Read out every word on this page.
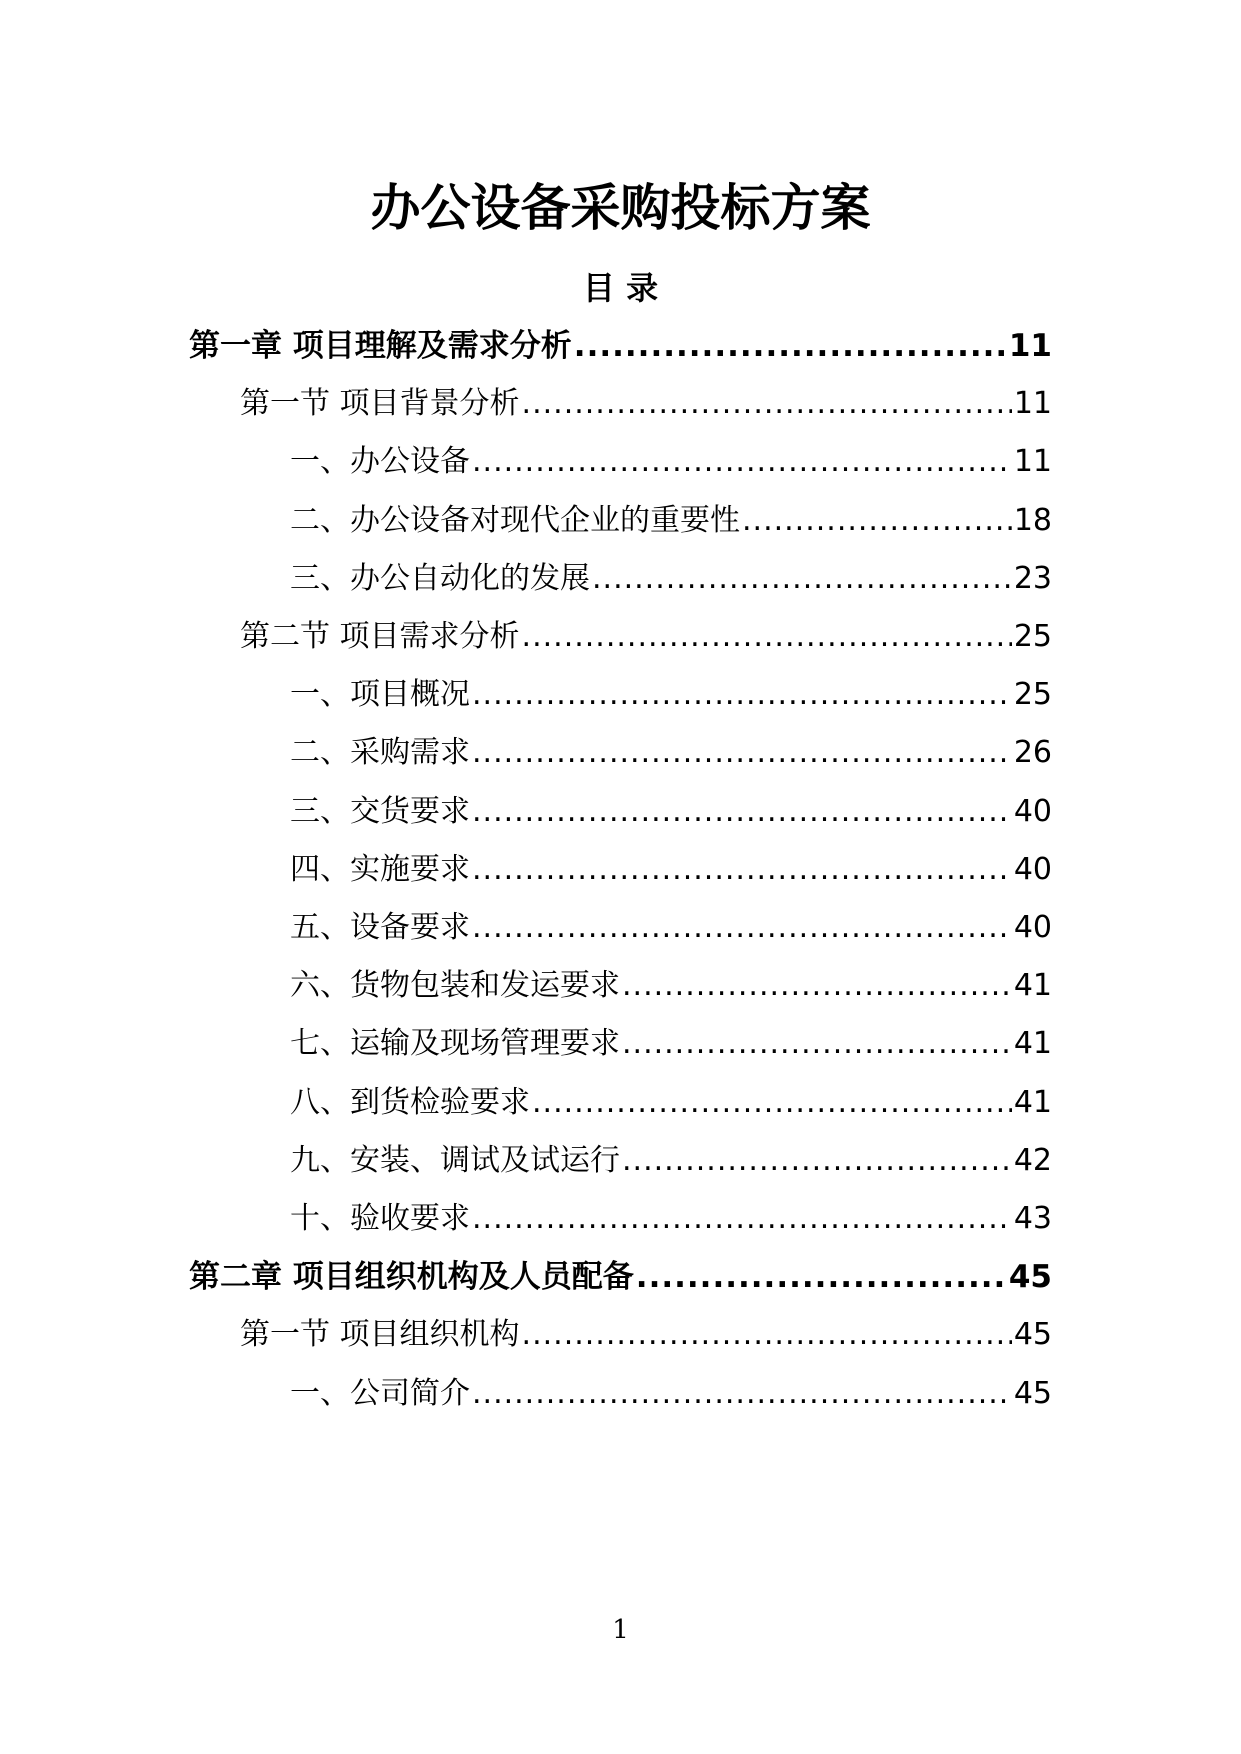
办公设备采购投标方案
目 录
第一章 项目理解及需求分析 .....	11
第一节 项目背景分析 .....	11
一、办公设备 .....	11
二、办公设备对现代企业的重要性 .....	18
三、办公自动化的发展 .....	23
第二节 项目需求分析 .....	25
一、项目概况 .....	25
二、采购需求 .....	26
三、交货要求 .....	40
四、实施要求 .....	40
五、设备要求 .....	40
六、货物包装和发运要求 .....	41
七、运输及现场管理要求 .....	41
八、到货检验要求 .....	41
九、安装、调试及试运行 .....	42
十、验收要求 .....	43
第二章 项目组织机构及人员配备 .....	45
第一节 项目组织机构 .....	45
一、公司简介 .....	45
1
